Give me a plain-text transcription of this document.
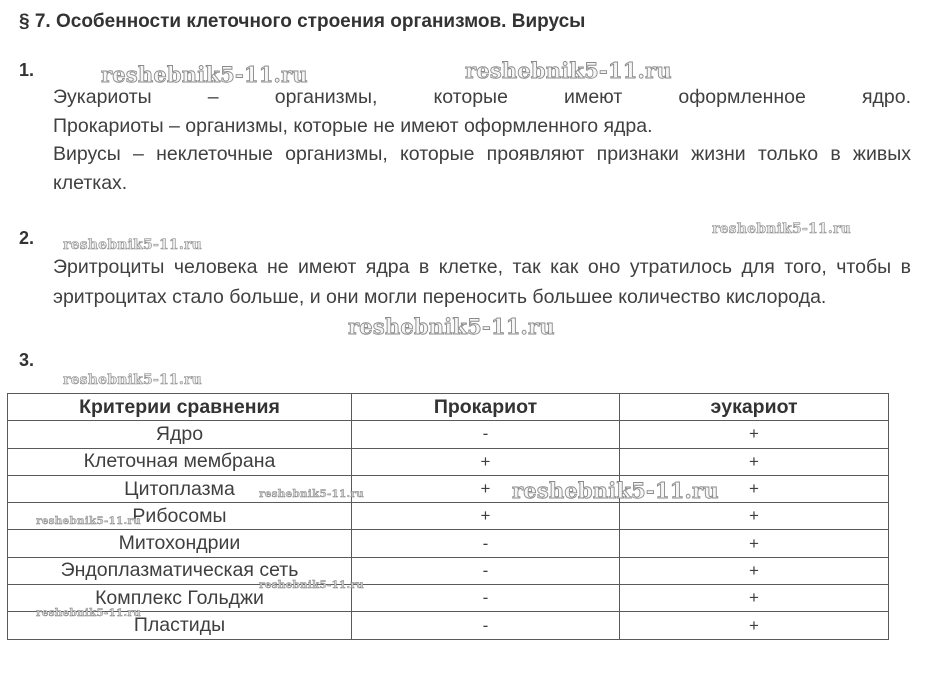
§ 7. Особенности клеточного строения организмов. Вирусы
1.

Эукариоты – организмы, которые имеют оформленное ядро.

Прокариоты – организмы, которые не имеют оформленного ядра.

Вирусы – неклеточные организмы, которые проявляют признаки жизни только в живых клетках.

2.

Эритроциты человека не имеют ядра в клетке, так как оно утратилось для того, чтобы в эритроцитах стало больше, и они могли переносить большее количество кислорода.

3.
Критерии сравнения	Прокариот	эукариот
Ядро	-	+
Клеточная мембрана	+	+
Цитоплазма	+	+
Рибосомы	+	+
Митохондрии	-	+
Эндоплазматическая сеть	-	+
Комплекс Гольджи	-	+
Пластиды	-	+
reshebnik5-11.ru	reshebnik5-11.ru
reshebnik5-11.ru
reshebnik5-11.ru
reshebnik5-11.ru
reshebnik5-11.ru
reshebnik5-11.ru	reshebnik5-11.ru
reshebnik5-11.ru
reshebnik5-11.ru
reshebnik5-11.ru
